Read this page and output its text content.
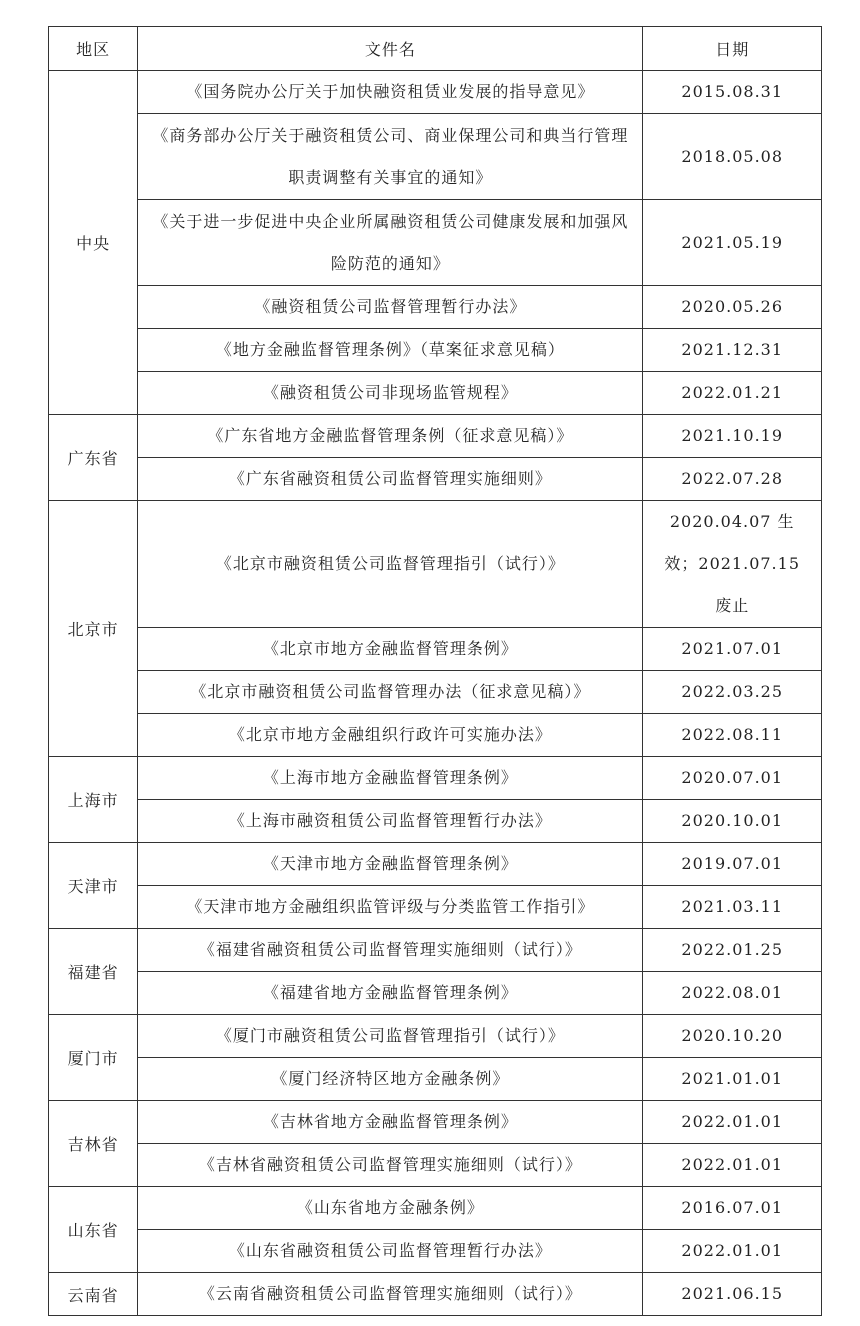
地区	文件名	日期
中央	《国务院办公厅关于加快融资租赁业发展的指导意见》	2015.08.31
	《商务部办公厅关于融资租赁公司、商业保理公司和典当行管理职责调整有关事宜的通知》	2018.05.08
	《关于进一步促进中央企业所属融资租赁公司健康发展和加强风险防范的通知》	2021.05.19
	《融资租赁公司监督管理暂行办法》	2020.05.26
	《地方金融监督管理条例》（草案征求意见稿）	2021.12.31
	《融资租赁公司非现场监管规程》	2022.01.21
广东省	《广东省地方金融监督管理条例（征求意见稿）》	2021.10.19
	《广东省融资租赁公司监督管理实施细则》	2022.07.28
北京市	《北京市融资租赁公司监督管理指引（试行）》	2020.04.07 生效；2021.07.15 废止
	《北京市地方金融监督管理条例》	2021.07.01
	《北京市融资租赁公司监督管理办法（征求意见稿）》	2022.03.25
	《北京市地方金融组织行政许可实施办法》	2022.08.11
上海市	《上海市地方金融监督管理条例》	2020.07.01
	《上海市融资租赁公司监督管理暂行办法》	2020.10.01
天津市	《天津市地方金融监督管理条例》	2019.07.01
	《天津市地方金融组织监管评级与分类监管工作指引》	2021.03.11
福建省	《福建省融资租赁公司监督管理实施细则（试行）》	2022.01.25
	《福建省地方金融监督管理条例》	2022.08.01
厦门市	《厦门市融资租赁公司监督管理指引（试行）》	2020.10.20
	《厦门经济特区地方金融条例》	2021.01.01
吉林省	《吉林省地方金融监督管理条例》	2022.01.01
	《吉林省融资租赁公司监督管理实施细则（试行）》	2022.01.01
山东省	《山东省地方金融条例》	2016.07.01
	《山东省融资租赁公司监督管理暂行办法》	2022.01.01
云南省	《云南省融资租赁公司监督管理实施细则（试行）》	2021.06.15
